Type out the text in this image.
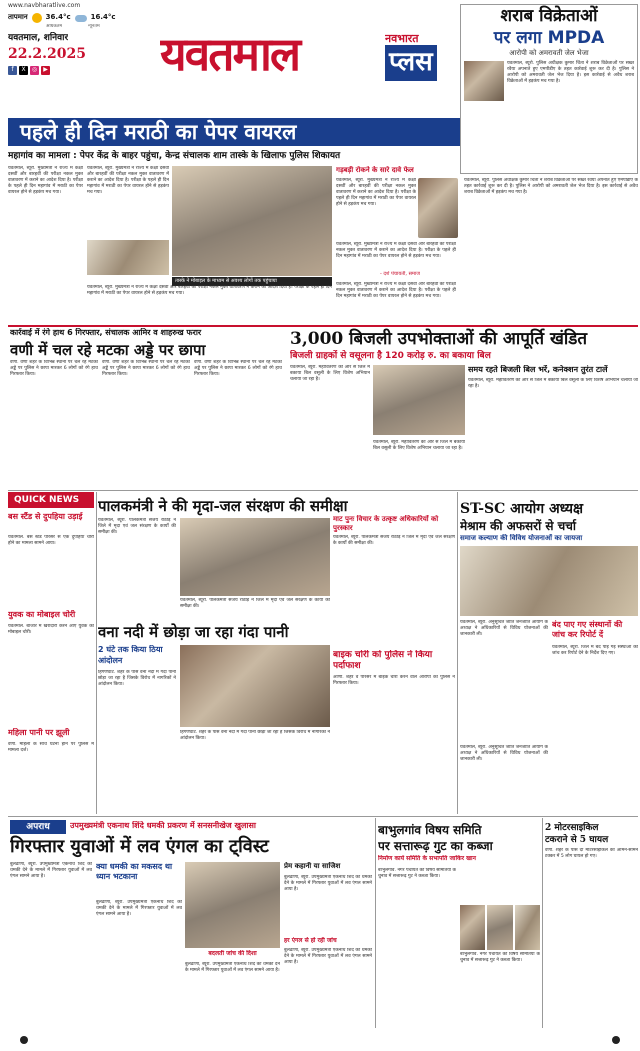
www.navbharatlive.com
तापमान	36.4°c	16.4°c
अधिकतम	न्यूनतम
यवतमाल, शनिवार
22.2.2025
f	X	◎	▶ यवतमाल	नवभारत
प्लस
शराब विक्रेताओं
पर लगा MPDA
आरोपी को अमरावती जेल भेजा
यवतमाल, ब्यूरो. पुलिस अधीक्षक कुमार चिंता ने शराब विक्रेताओं पर सख्त रवैया अपनाते हुए एमपीडीए के तहत कार्रवाई शुरू कर दी है। पुलिस ने आरोपी को अमरावती जेल भेज दिया है। इस कार्रवाई से अवैध शराब विक्रेताओं में हड़कंप मच गया है।
पहले ही दिन मराठी का पेपर वायरल
महागांव का मामला : पेपर केंद्र के बाहर पहुंचा, केन्द्र संचालक शाम तास्के के खिलाफ पुलिस शिकायत
यवतमाल, ब्यूरो. मुख्यमंत्री ने राज्य में कक्षा दसवीं और बारहवीं की परीक्षा नकल मुक्त वातावरण में कराने का आदेश दिया है। परीक्षा के पहले ही दिन महागांव में मराठी का पेपर वायरल होने से हड़कंप मच गया।
यवतमाल, ब्यूरो. मुख्यमंत्री ने राज्य में कक्षा दसवीं और बारहवीं की परीक्षा नकल मुक्त वातावरण में कराने का आदेश दिया है। परीक्षा के पहले ही दिन महागांव में मराठी का पेपर वायरल होने से हड़कंप मच गया।
तास्के ने मोबाइल के माध्यम से अवश्य लोगों तक पहुंचाया
यवतमाल, ब्यूरो. मुख्यमंत्री ने राज्य में कक्षा दसवीं और बारहवीं की परीक्षा नकल मुक्त वातावरण में कराने का आदेश दिया है। परीक्षा के पहले ही दिन महागांव में मराठी का पेपर वायरल होने से हड़कंप मच गया।
गड़बड़ी रोकने के सारे दावे फेल
यवतमाल, ब्यूरो. मुख्यमंत्री ने राज्य में कक्षा दसवीं और बारहवीं की परीक्षा नकल मुक्त वातावरण में कराने का आदेश दिया है। परीक्षा के पहले ही दिन महागांव में मराठी का पेपर वायरल होने से हड़कंप मच गया।
यवतमाल, ब्यूरो. मुख्यमंत्री ने राज्य में कक्षा दसवीं और बारहवीं की परीक्षा नकल मुक्त वातावरण में कराने का आदेश दिया है। परीक्षा के पहले ही दिन महागांव में मराठी का पेपर वायरल होने से हड़कंप मच गया।
- दर्श पंचायती, समाज
यवतमाल, ब्यूरो. मुख्यमंत्री ने राज्य में कक्षा दसवीं और बारहवीं की परीक्षा नकल मुक्त वातावरण में कराने का आदेश दिया है। परीक्षा के पहले ही दिन महागांव में मराठी का पेपर वायरल होने से हड़कंप मच गया।
यवतमाल, ब्यूरो. पुलिस अधीक्षक कुमार चिंता ने शराब विक्रेताओं पर सख्त रवैया अपनाते हुए एमपीडीए के तहत कार्रवाई शुरू कर दी है। पुलिस ने आरोपी को अमरावती जेल भेज दिया है। इस कार्रवाई से अवैध शराब विक्रेताओं में हड़कंप मच गया है।
कार्रवाई में रंगे हाथ 6 गिरफ्तार, संचालक आमिर व शाहरुख फरार
वणी में चल रहे मटका अड्डे पर छापा
वणी. वणी शहर के विभिन्न स्थानों पर चल रहे मटका अड्डे पर पुलिस ने छापा मारकर 6 लोगों को रंगे हाथ गिरफ्तार किया।
वणी. वणी शहर के विभिन्न स्थानों पर चल रहे मटका अड्डे पर पुलिस ने छापा मारकर 6 लोगों को रंगे हाथ गिरफ्तार किया।
वणी. वणी शहर के विभिन्न स्थानों पर चल रहे मटका अड्डे पर पुलिस ने छापा मारकर 6 लोगों को रंगे हाथ गिरफ्तार किया।
3,000 बिजली उपभोक्ताओं की आपूर्ति खंडित
बिजली ग्राहकों से वसूलना है 120 करोड़ रु. का बकाया बिल
यवतमाल, ब्यूरो. महावितरण की ओर से जिले में बकाया बिल वसूली के लिए विशेष अभियान चलाया जा रहा है।
यवतमाल, ब्यूरो. महावितरण की ओर से जिले में बकाया बिल वसूली के लिए विशेष अभियान चलाया जा रहा है।
समय रहते बिजली बिल भरें, कनेक्शन तुरंत टालें
यवतमाल, ब्यूरो. महावितरण की ओर से जिले में बकाया बिल वसूली के लिए विशेष अभियान चलाया जा रहा है।
QUICK NEWS
बस स्टैंड से दुपहिया उड़ाई
यवतमाल. बस स्टैंड परिसर से एक दुपहिया चोरी होने का मामला सामने आया।
युवक का मोबाइल चोरी
यवतमाल. बाजार में खरीदारी करने आए युवक का मोबाइल चोरी।
महिला पानी पर झूली
वणी. महिला के साथ घटना होने पर पुलिस में मामला दर्ज।
पालकमंत्री ने की मृदा-जल संरक्षण की समीक्षा
यवतमाल, ब्यूरो. पालकमंत्री संजय राठौड़ ने जिले में मृदा एवं जल संरक्षण के कार्यों की समीक्षा की।
यवतमाल, ब्यूरो. पालकमंत्री संजय राठौड़ ने जिले में मृदा एवं जल संरक्षण के कार्यों की समीक्षा की।
माट पुनः विचार के उत्कृष्ट अधिकारियों को पुरस्कार
यवतमाल, ब्यूरो. पालकमंत्री संजय राठौड़ ने जिले में मृदा एवं जल संरक्षण के कार्यों की समीक्षा की।
ST-SC आयोग अध्यक्ष
मेश्राम की अफसरों से चर्चा
समाज कल्याण की विविध योजनाओं का जायजा
यवतमाल, ब्यूरो. अनुसूचित जाति जनजाति आयोग के अध्यक्ष ने अधिकारियों से विविध योजनाओं की जानकारी ली।
वना नदी में छोड़ा जा रहा गंदा पानी
2 घंटे तक किया ठिया आंदोलन
हिंगणघाट. शहर के पास वना नदी में गंदा पानी छोड़ा जा रहा है जिसके विरोध में नागरिकों ने आंदोलन किया।
हिंगणघाट. शहर के पास वना नदी में गंदा पानी छोड़ा जा रहा है जिसके विरोध में नागरिकों ने आंदोलन किया।
बाइक चोरी को पुलिस ने किया पर्दाफाश
आर्णी. शहर व परिसर में बाइक चोरी करने वाले आरोपी को पुलिस ने गिरफ्तार किया।
बंद पाए गए संस्थानों की जांच कर रिपोर्ट दें
यवतमाल, ब्यूरो. जिले में बंद पाई गई संस्थाओं की जांच कर रिपोर्ट देने के निर्देश दिए गए।
यवतमाल, ब्यूरो. अनुसूचित जाति जनजाति आयोग के अध्यक्ष ने अधिकारियों से विविध योजनाओं की जानकारी ली।
अपराध	उपमुख्यमंत्री एकनाथ शिंदे धमकी प्रकरण में सनसनीखेज खुलासा
गिरफ्तार युवाओं में लव एंगल का ट्विस्ट
बुलढाणा, ब्यूरो. उपमुख्यमंत्री एकनाथ शिंदे को धमकी देने के मामले में गिरफ्तार युवाओं में लव एंगल सामने आया है।
क्या धमकी का मकसद था ध्यान भटकाना
बुलढाणा, ब्यूरो. उपमुख्यमंत्री एकनाथ शिंदे को धमकी देने के मामले में गिरफ्तार युवाओं में लव एंगल सामने आया है।
बदलती जांच की दिशा
बुलढाणा, ब्यूरो. उपमुख्यमंत्री एकनाथ शिंदे को धमकी देने के मामले में गिरफ्तार युवाओं में लव एंगल सामने आया है।
प्रेम कहानी या साजिश
बुलढाणा, ब्यूरो. उपमुख्यमंत्री एकनाथ शिंदे को धमकी देने के मामले में गिरफ्तार युवाओं में लव एंगल सामने आया है।
हर एंगल से हो रही जांच
बुलढाणा, ब्यूरो. उपमुख्यमंत्री एकनाथ शिंदे को धमकी देने के मामले में गिरफ्तार युवाओं में लव एंगल सामने आया है।
बाभुलगांव विषय समिति
पर सत्तारूढ़ गुट का कब्जा
निर्माण कार्य समिति के सभापति जाकिर खान
बाभुलगांव. नगर पंचायत की विषय समितियों के चुनाव में सत्तारूढ़ गुट ने कब्जा किया।
बाभुलगांव. नगर पंचायत की विषय समितियों के चुनाव में सत्तारूढ़ गुट ने कब्जा किया।
2 मोटरसाइकिल
टकराने से 5 घायल
वणी. शहर के पास दो मोटरसाइकिल की आमने-सामने टक्कर में 5 लोग घायल हो गए।
